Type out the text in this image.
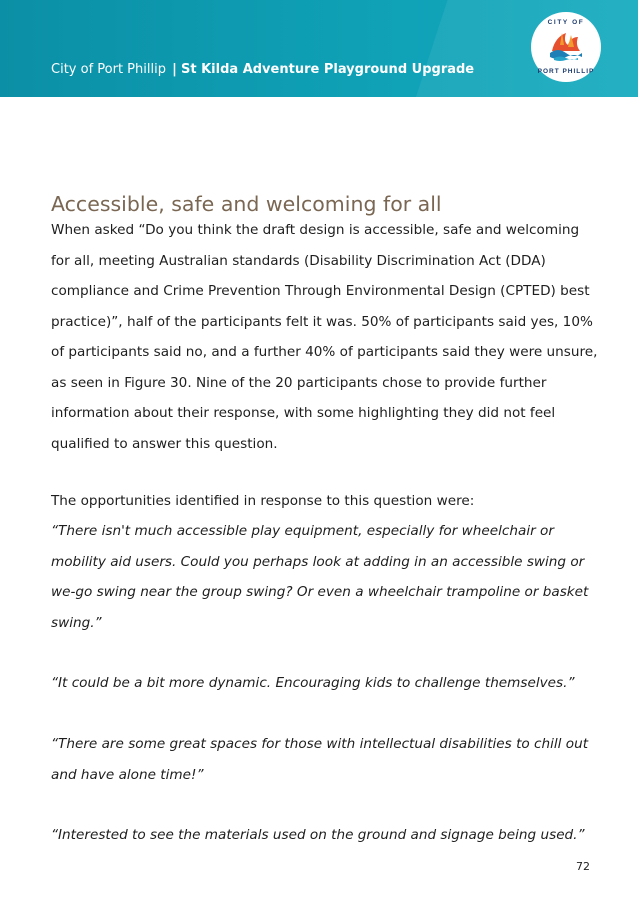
City of Port Phillip | St Kilda Adventure Playground Upgrade
CITY OF
PORT PHILLIP
Accessible, safe and welcoming for all

When asked “Do you think the draft design is accessible, safe and welcoming for all, meeting Australian standards (Disability Discrimination Act (DDA) compliance and Crime Prevention Through Environmental Design (CPTED) best practice)”, half of the participants felt it was. 50% of participants said yes, 10% of participants said no, and a further 40% of participants said they were unsure, as seen in Figure 30. Nine of the 20 participants chose to provide further information about their response, with some highlighting they did not feel qualified to answer this question.

The opportunities identified in response to this question were:

“There isn't much accessible play equipment, especially for wheelchair or mobility aid users. Could you perhaps look at adding in an accessible swing or we-go swing near the group swing? Or even a wheelchair trampoline or basket swing.”

“It could be a bit more dynamic. Encouraging kids to challenge themselves.”

“There are some great spaces for those with intellectual disabilities to chill out and have alone time!”

“Interested to see the materials used on the ground and signage being used.”

72
